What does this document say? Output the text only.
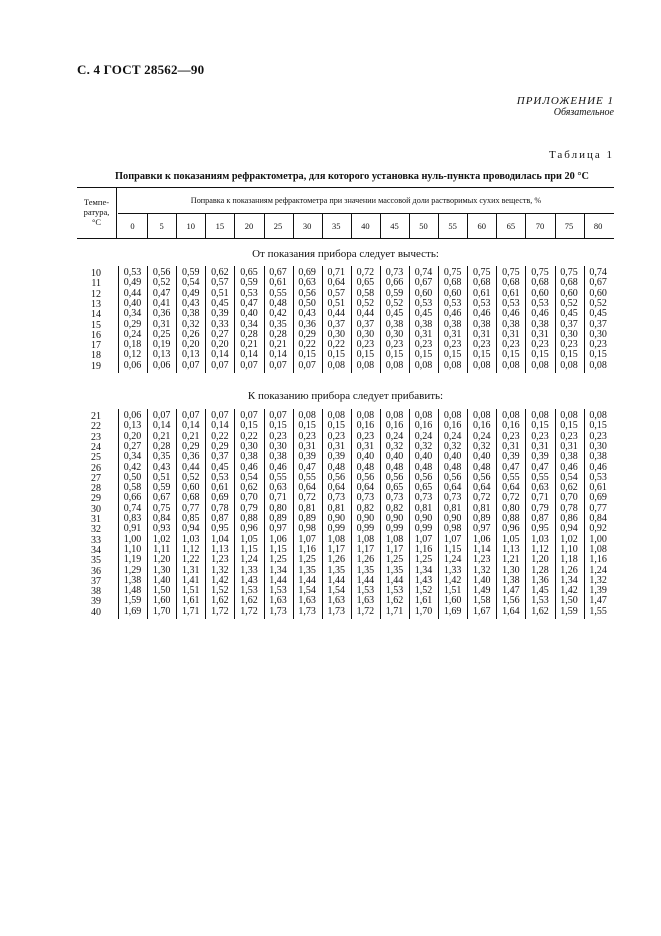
С. 4 ГОСТ 28562—90
ПРИЛОЖЕНИЕ 1
Обязательное
Таблица 1
Поправки к показаниям рефрактометра, для которого установка нуль-пункта проводилась при 20 °С
Темпе-
ратура,
°С
Поправка к показаниям рефрактометра при значении массовой доли растворимых сухих веществ, %
0	5	10	15	20	25	30	35	40	45	50	55	60	65	70	75	80
От показания прибора следует вычесть:
К показанию прибора следует прибавить:
10	0,53	0,56	0,59	0,62	0,65	0,67	0,69	0,71	0,72	0,73	0,74	0,75	0,75	0,75	0,75	0,75	0,74
11	0,49	0,52	0,54	0,57	0,59	0,61	0,63	0,64	0,65	0,66	0,67	0,68	0,68	0,68	0,68	0,68	0,67
12	0,44	0,47	0,49	0,51	0,53	0,55	0,56	0,57	0,58	0,59	0,60	0,60	0,61	0,61	0,60	0,60	0,60
13	0,40	0,41	0,43	0,45	0,47	0,48	0,50	0,51	0,52	0,52	0,53	0,53	0,53	0,53	0,53	0,52	0,52
14	0,34	0,36	0,38	0,39	0,40	0,42	0,43	0,44	0,44	0,45	0,45	0,46	0,46	0,46	0,46	0,45	0,45
15	0,29	0,31	0,32	0,33	0,34	0,35	0,36	0,37	0,37	0,38	0,38	0,38	0,38	0,38	0,38	0,37	0,37
16	0,24	0,25	0,26	0,27	0,28	0,28	0,29	0,30	0,30	0,30	0,31	0,31	0,31	0,31	0,31	0,30	0,30
17	0,18	0,19	0,20	0,20	0,21	0,21	0,22	0,22	0,23	0,23	0,23	0,23	0,23	0,23	0,23	0,23	0,23
18	0,12	0,13	0,13	0,14	0,14	0,14	0,15	0,15	0,15	0,15	0,15	0,15	0,15	0,15	0,15	0,15	0,15
19	0,06	0,06	0,07	0,07	0,07	0,07	0,07	0,08	0,08	0,08	0,08	0,08	0,08	0,08	0,08	0,08	0,08
21	0,06	0,07	0,07	0,07	0,07	0,07	0,08	0,08	0,08	0,08	0,08	0,08	0,08	0,08	0,08	0,08	0,08
22	0,13	0,14	0,14	0,14	0,15	0,15	0,15	0,15	0,16	0,16	0,16	0,16	0,16	0,16	0,15	0,15	0,15
23	0,20	0,21	0,21	0,22	0,22	0,23	0,23	0,23	0,23	0,24	0,24	0,24	0,24	0,23	0,23	0,23	0,23
24	0,27	0,28	0,29	0,29	0,30	0,30	0,31	0,31	0,31	0,32	0,32	0,32	0,32	0,31	0,31	0,31	0,30
25	0,34	0,35	0,36	0,37	0,38	0,38	0,39	0,39	0,40	0,40	0,40	0,40	0,40	0,39	0,39	0,38	0,38
26	0,42	0,43	0,44	0,45	0,46	0,46	0,47	0,48	0,48	0,48	0,48	0,48	0,48	0,47	0,47	0,46	0,46
27	0,50	0,51	0,52	0,53	0,54	0,55	0,55	0,56	0,56	0,56	0,56	0,56	0,56	0,55	0,55	0,54	0,53
28	0,58	0,59	0,60	0,61	0,62	0,63	0,64	0,64	0,64	0,65	0,65	0,64	0,64	0,64	0,63	0,62	0,61
29	0,66	0,67	0,68	0,69	0,70	0,71	0,72	0,73	0,73	0,73	0,73	0,73	0,72	0,72	0,71	0,70	0,69
30	0,74	0,75	0,77	0,78	0,79	0,80	0,81	0,81	0,82	0,82	0,81	0,81	0,81	0,80	0,79	0,78	0,77
31	0,83	0,84	0,85	0,87	0,88	0,89	0,89	0,90	0,90	0,90	0,90	0,90	0,89	0,88	0,87	0,86	0,84
32	0,91	0,93	0,94	0,95	0,96	0,97	0,98	0,99	0,99	0,99	0,99	0,98	0,97	0,96	0,95	0,94	0,92
33	1,00	1,02	1,03	1,04	1,05	1,06	1,07	1,08	1,08	1,08	1,07	1,07	1,06	1,05	1,03	1,02	1,00
34	1,10	1,11	1,12	1,13	1,15	1,15	1,16	1,17	1,17	1,17	1,16	1,15	1,14	1,13	1,12	1,10	1,08
35	1,19	1,20	1,22	1,23	1,24	1,25	1,25	1,26	1,26	1,25	1,25	1,24	1,23	1,21	1,20	1,18	1,16
36	1,29	1,30	1,31	1,32	1,33	1,34	1,35	1,35	1,35	1,35	1,34	1,33	1,32	1,30	1,28	1,26	1,24
37	1,38	1,40	1,41	1,42	1,43	1,44	1,44	1,44	1,44	1,44	1,43	1,42	1,40	1,38	1,36	1,34	1,32
38	1,48	1,50	1,51	1,52	1,53	1,53	1,54	1,54	1,53	1,53	1,52	1,51	1,49	1,47	1,45	1,42	1,39
39	1,59	1,60	1,61	1,62	1,62	1,63	1,63	1,63	1,63	1,62	1,61	1,60	1,58	1,56	1,53	1,50	1,47
40	1,69	1,70	1,71	1,72	1,72	1,73	1,73	1,73	1,72	1,71	1,70	1,69	1,67	1,64	1,62	1,59	1,55
